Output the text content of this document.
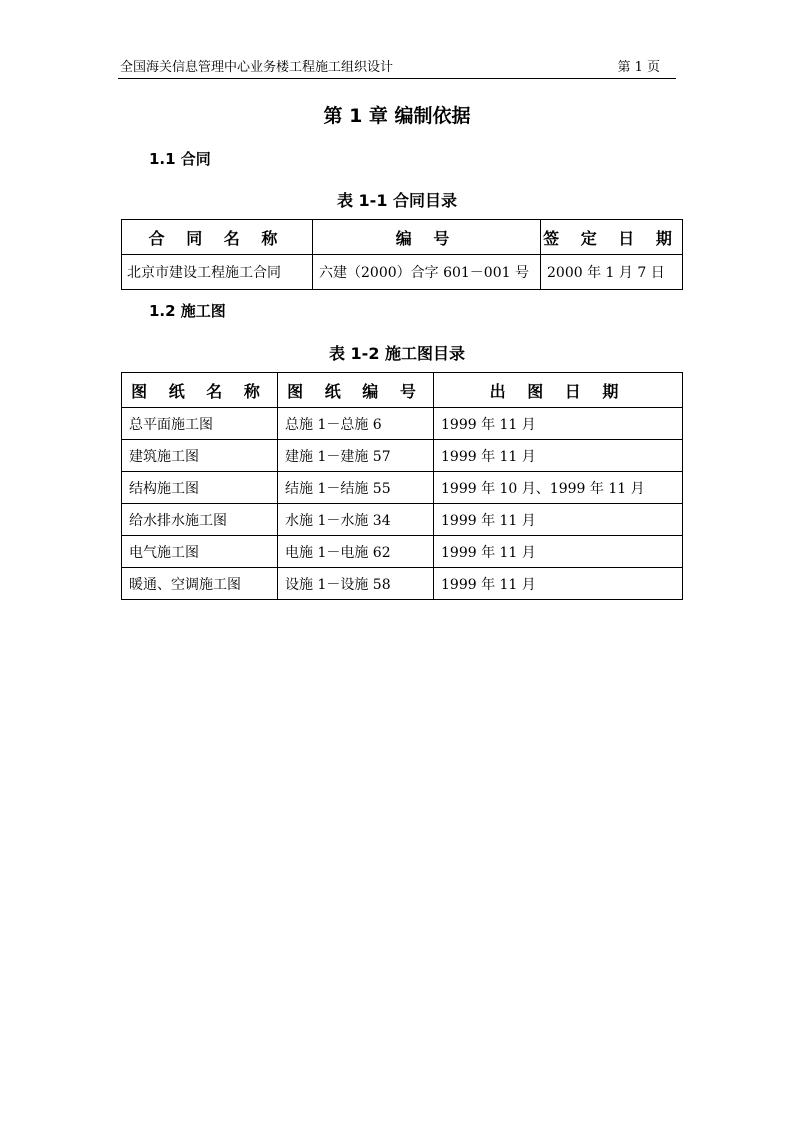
全国海关信息管理中心业务楼工程施工组织设计	第 1 页
第 1 章 编制依据
1.1 合同
表 1-1 合同目录
合 同 名 称	编 号	签 定 日 期
北京市建设工程施工合同	六建（2000）合字 601－001 号	2000 年 1 月 7 日
1.2 施工图
表 1-2 施工图目录
图 纸 名 称	图 纸 编 号	出 图 日 期
总平面施工图	总施 1－总施 6	1999 年 11 月
建筑施工图	建施 1－建施 57	1999 年 11 月
结构施工图	结施 1－结施 55	1999 年 10 月、1999 年 11 月
给水排水施工图	水施 1－水施 34	1999 年 11 月
电气施工图	电施 1－电施 62	1999 年 11 月
暖通、空调施工图	设施 1－设施 58	1999 年 11 月
